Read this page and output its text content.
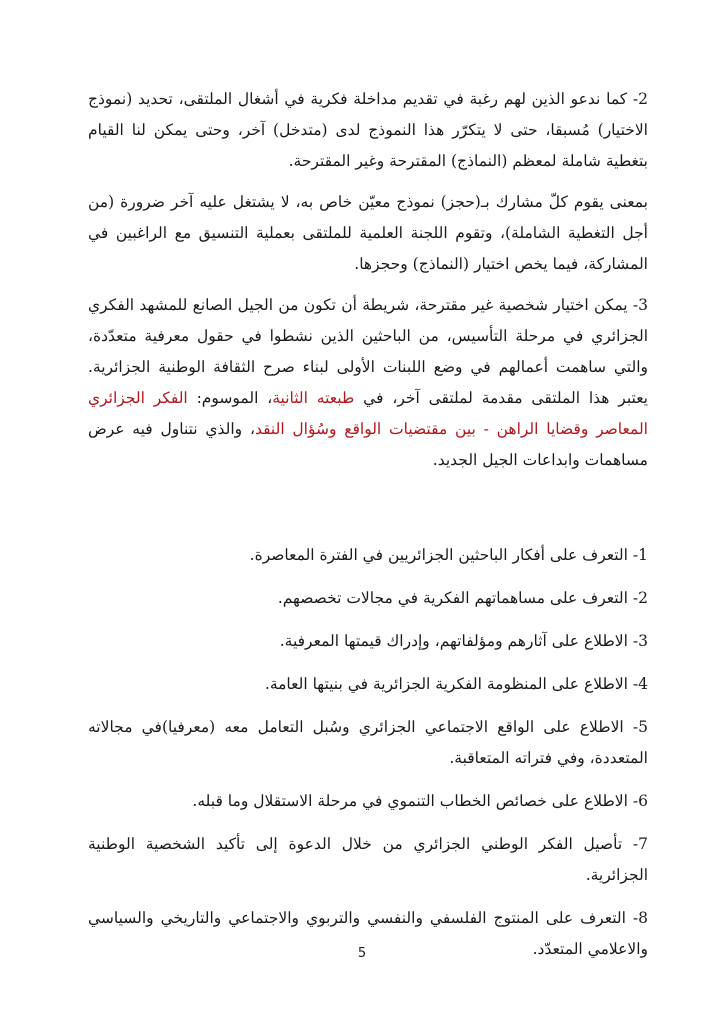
2- كما ندعو الذين لهم رغبة في تقديم مداخلة فكرية في أشغال الملتقى، تحديد (نموذج الاختيار) مُسبقا، حتى لا يتكرّر هذا النموذج لدى (متدخل) آخر، وحتى يمكن لنا القيام بتغطية شاملة لمعظم (النماذج) المقترحة وغير المقترحة.

بمعنى يقوم كلّ مشارك بـ(حجز) نموذج معيّن خاص به، لا يشتغل عليه آخر ضرورة (من أجل التغطية الشاملة)، وتقوم اللجنة العلمية للملتقى بعملية التنسيق مع الراغبين في المشاركة، فيما يخص اختيار (النماذج) وحجزها.

3- يمكن اختيار شخصية غير مقترحة، شريطة أن تكون من الجيل الصانع للمشهد الفكري الجزائري في مرحلة التأسيس، من الباحثين الذين نشطوا في حقول معرفية متعدّدة، والتي ساهمت أعمالهم في وضع اللبنات الأولى لبناء صرح الثقافة الوطنية الجزائرية. يعتبر هذا الملتقى مقدمة لملتقى آخر، في طبعته الثانية، الموسوم: الفكر الجزائري المعاصر وقضايا الراهن - بين مقتضيات الواقع وسُؤال النقد، والذي نتناول فيه عرض مساهمات وابداعات الجيل الجديد.

1- التعرف على أفكار الباحثين الجزائريين في الفترة المعاصرة.

2- التعرف على مساهماتهم الفكرية في مجالات تخصصهم.

3- الاطلاع على آثارهم ومؤلفاتهم، وإدراك قيمتها المعرفية.

4- الاطلاع على المنظومة الفكرية الجزائرية في بنيتها العامة.

5- الاطلاع على الواقع الاجتماعي الجزائري وسُبل التعامل معه (معرفيا)في مجالاته المتعددة، وفي فتراته المتعاقبة.

6- الاطلاع على خصائص الخطاب التنموي في مرحلة الاستقلال وما قبله.

7- تأصيل الفكر الوطني الجزائري من خلال الدعوة إلى تأكيد الشخصية الوطنية الجزائرية.

8- التعرف على المنتوج الفلسفي والنفسي والتربوي والاجتماعي والتاريخي والسياسي والاعلامي المتعدّد.

5
